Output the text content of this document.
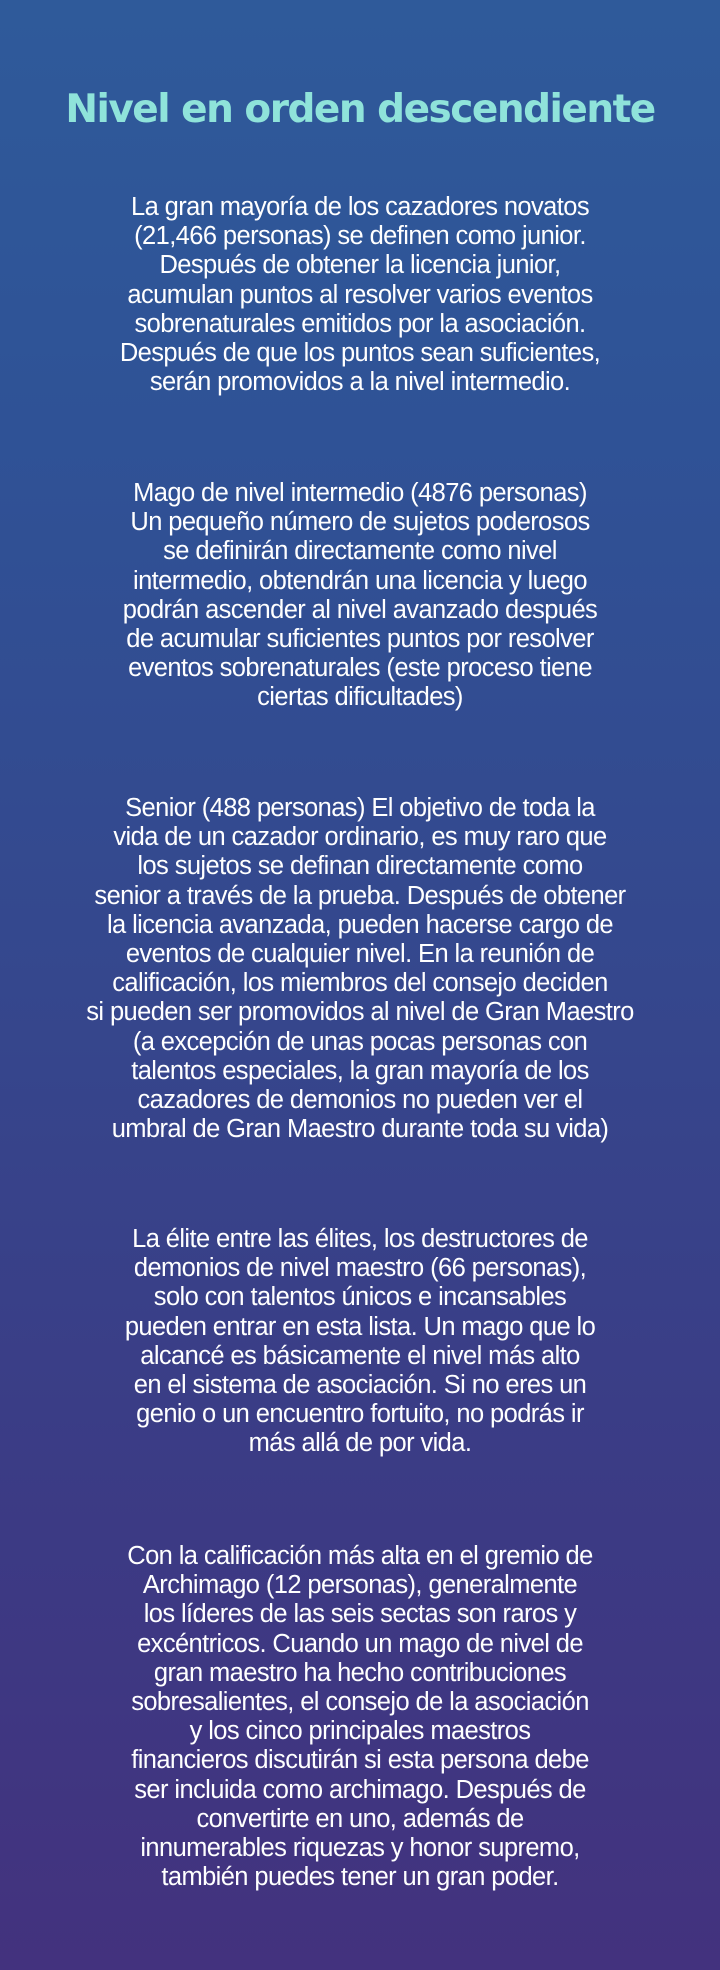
Nivel en orden descendiente

La gran mayoría de los cazadores novatos
(21,466 personas) se definen como junior.
Después de obtener la licencia junior,
acumulan puntos al resolver varios eventos
sobrenaturales emitidos por la asociación.
Después de que los puntos sean suficientes,
serán promovidos a la nivel intermedio.

Mago de nivel intermedio (4876 personas)
Un pequeño número de sujetos poderosos
se definirán directamente como nivel
intermedio, obtendrán una licencia y luego
podrán ascender al nivel avanzado después
de acumular suficientes puntos por resolver
eventos sobrenaturales (este proceso tiene
ciertas dificultades)

Senior (488 personas) El objetivo de toda la
vida de un cazador ordinario, es muy raro que
los sujetos se definan directamente como
senior a través de la prueba. Después de obtener
la licencia avanzada, pueden hacerse cargo de
eventos de cualquier nivel. En la reunión de
calificación, los miembros del consejo deciden
si pueden ser promovidos al nivel de Gran Maestro
(a excepción de unas pocas personas con
talentos especiales, la gran mayoría de los
cazadores de demonios no pueden ver el
umbral de Gran Maestro durante toda su vida)

La élite entre las élites, los destructores de
demonios de nivel maestro (66 personas),
solo con talentos únicos e incansables
pueden entrar en esta lista. Un mago que lo
alcancé es básicamente el nivel más alto
en el sistema de asociación. Si no eres un
genio o un encuentro fortuito, no podrás ir
más allá de por vida.

Con la calificación más alta en el gremio de
Archimago (12 personas), generalmente
los líderes de las seis sectas son raros y
excéntricos. Cuando un mago de nivel de
gran maestro ha hecho contribuciones
sobresalientes, el consejo de la asociación
y los cinco principales maestros
financieros discutirán si esta persona debe
ser incluida como archimago. Después de
convertirte en uno, además de
innumerables riquezas y honor supremo,
también puedes tener un gran poder.
